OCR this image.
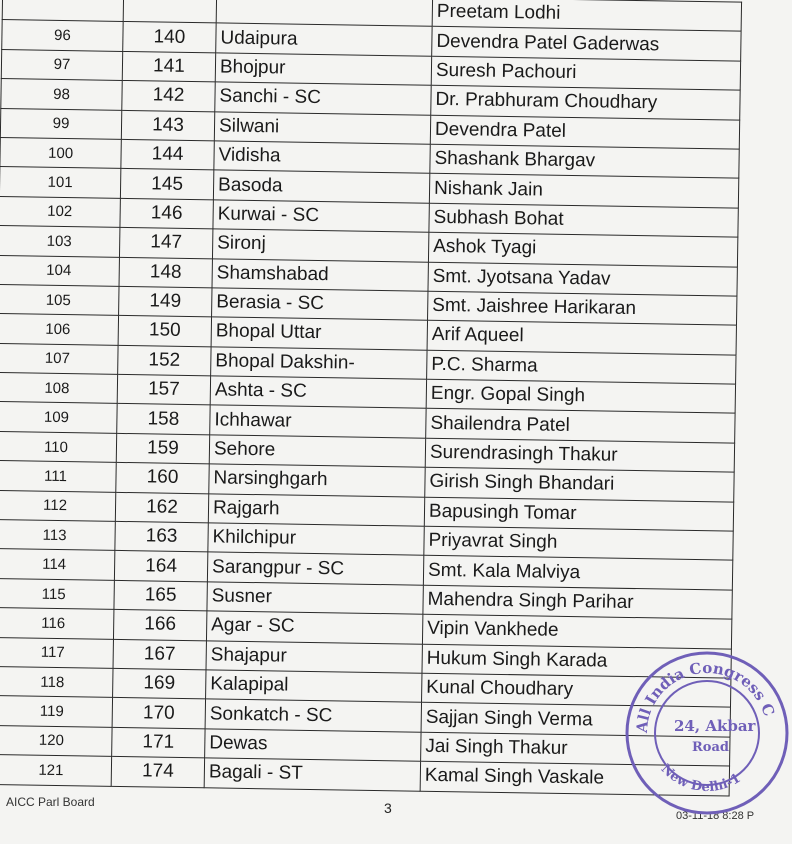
			Preetam Lodhi
96	140	Udaipura	Devendra Patel Gaderwas
97	141	Bhojpur	Suresh Pachouri
98	142	Sanchi - SC	Dr. Prabhuram Choudhary
99	143	Silwani	Devendra Patel
100	144	Vidisha	Shashank Bhargav
101	145	Basoda	Nishank Jain
102	146	Kurwai - SC	Subhash Bohat
103	147	Sironj	Ashok Tyagi
104	148	Shamshabad	Smt. Jyotsana Yadav
105	149	Berasia - SC	Smt. Jaishree Harikaran
106	150	Bhopal Uttar	Arif Aqueel
107	152	Bhopal Dakshin-	P.C. Sharma
108	157	Ashta - SC	Engr. Gopal Singh
109	158	Ichhawar	Shailendra Patel
110	159	Sehore	Surendrasingh Thakur
111	160	Narsinghgarh	Girish Singh Bhandari
112	162	Rajgarh	Bapusingh Tomar
113	163	Khilchipur	Priyavrat Singh
114	164	Sarangpur - SC	Smt. Kala Malviya
115	165	Susner	Mahendra Singh Parihar
116	166	Agar - SC	Vipin Vankhede
117	167	Shajapur	Hukum Singh Karada
118	169	Kalapipal	Kunal Choudhary
119	170	Sonkatch - SC	Sajjan Singh Verma
120	171	Dewas	Jai Singh Thakur
121	174	Bagali - ST	Kamal Singh Vaskale
AICC Parl Board	3	03-11-18 8:28 P
All India Congress C
New Delhi-1
24, Akbar
Road
